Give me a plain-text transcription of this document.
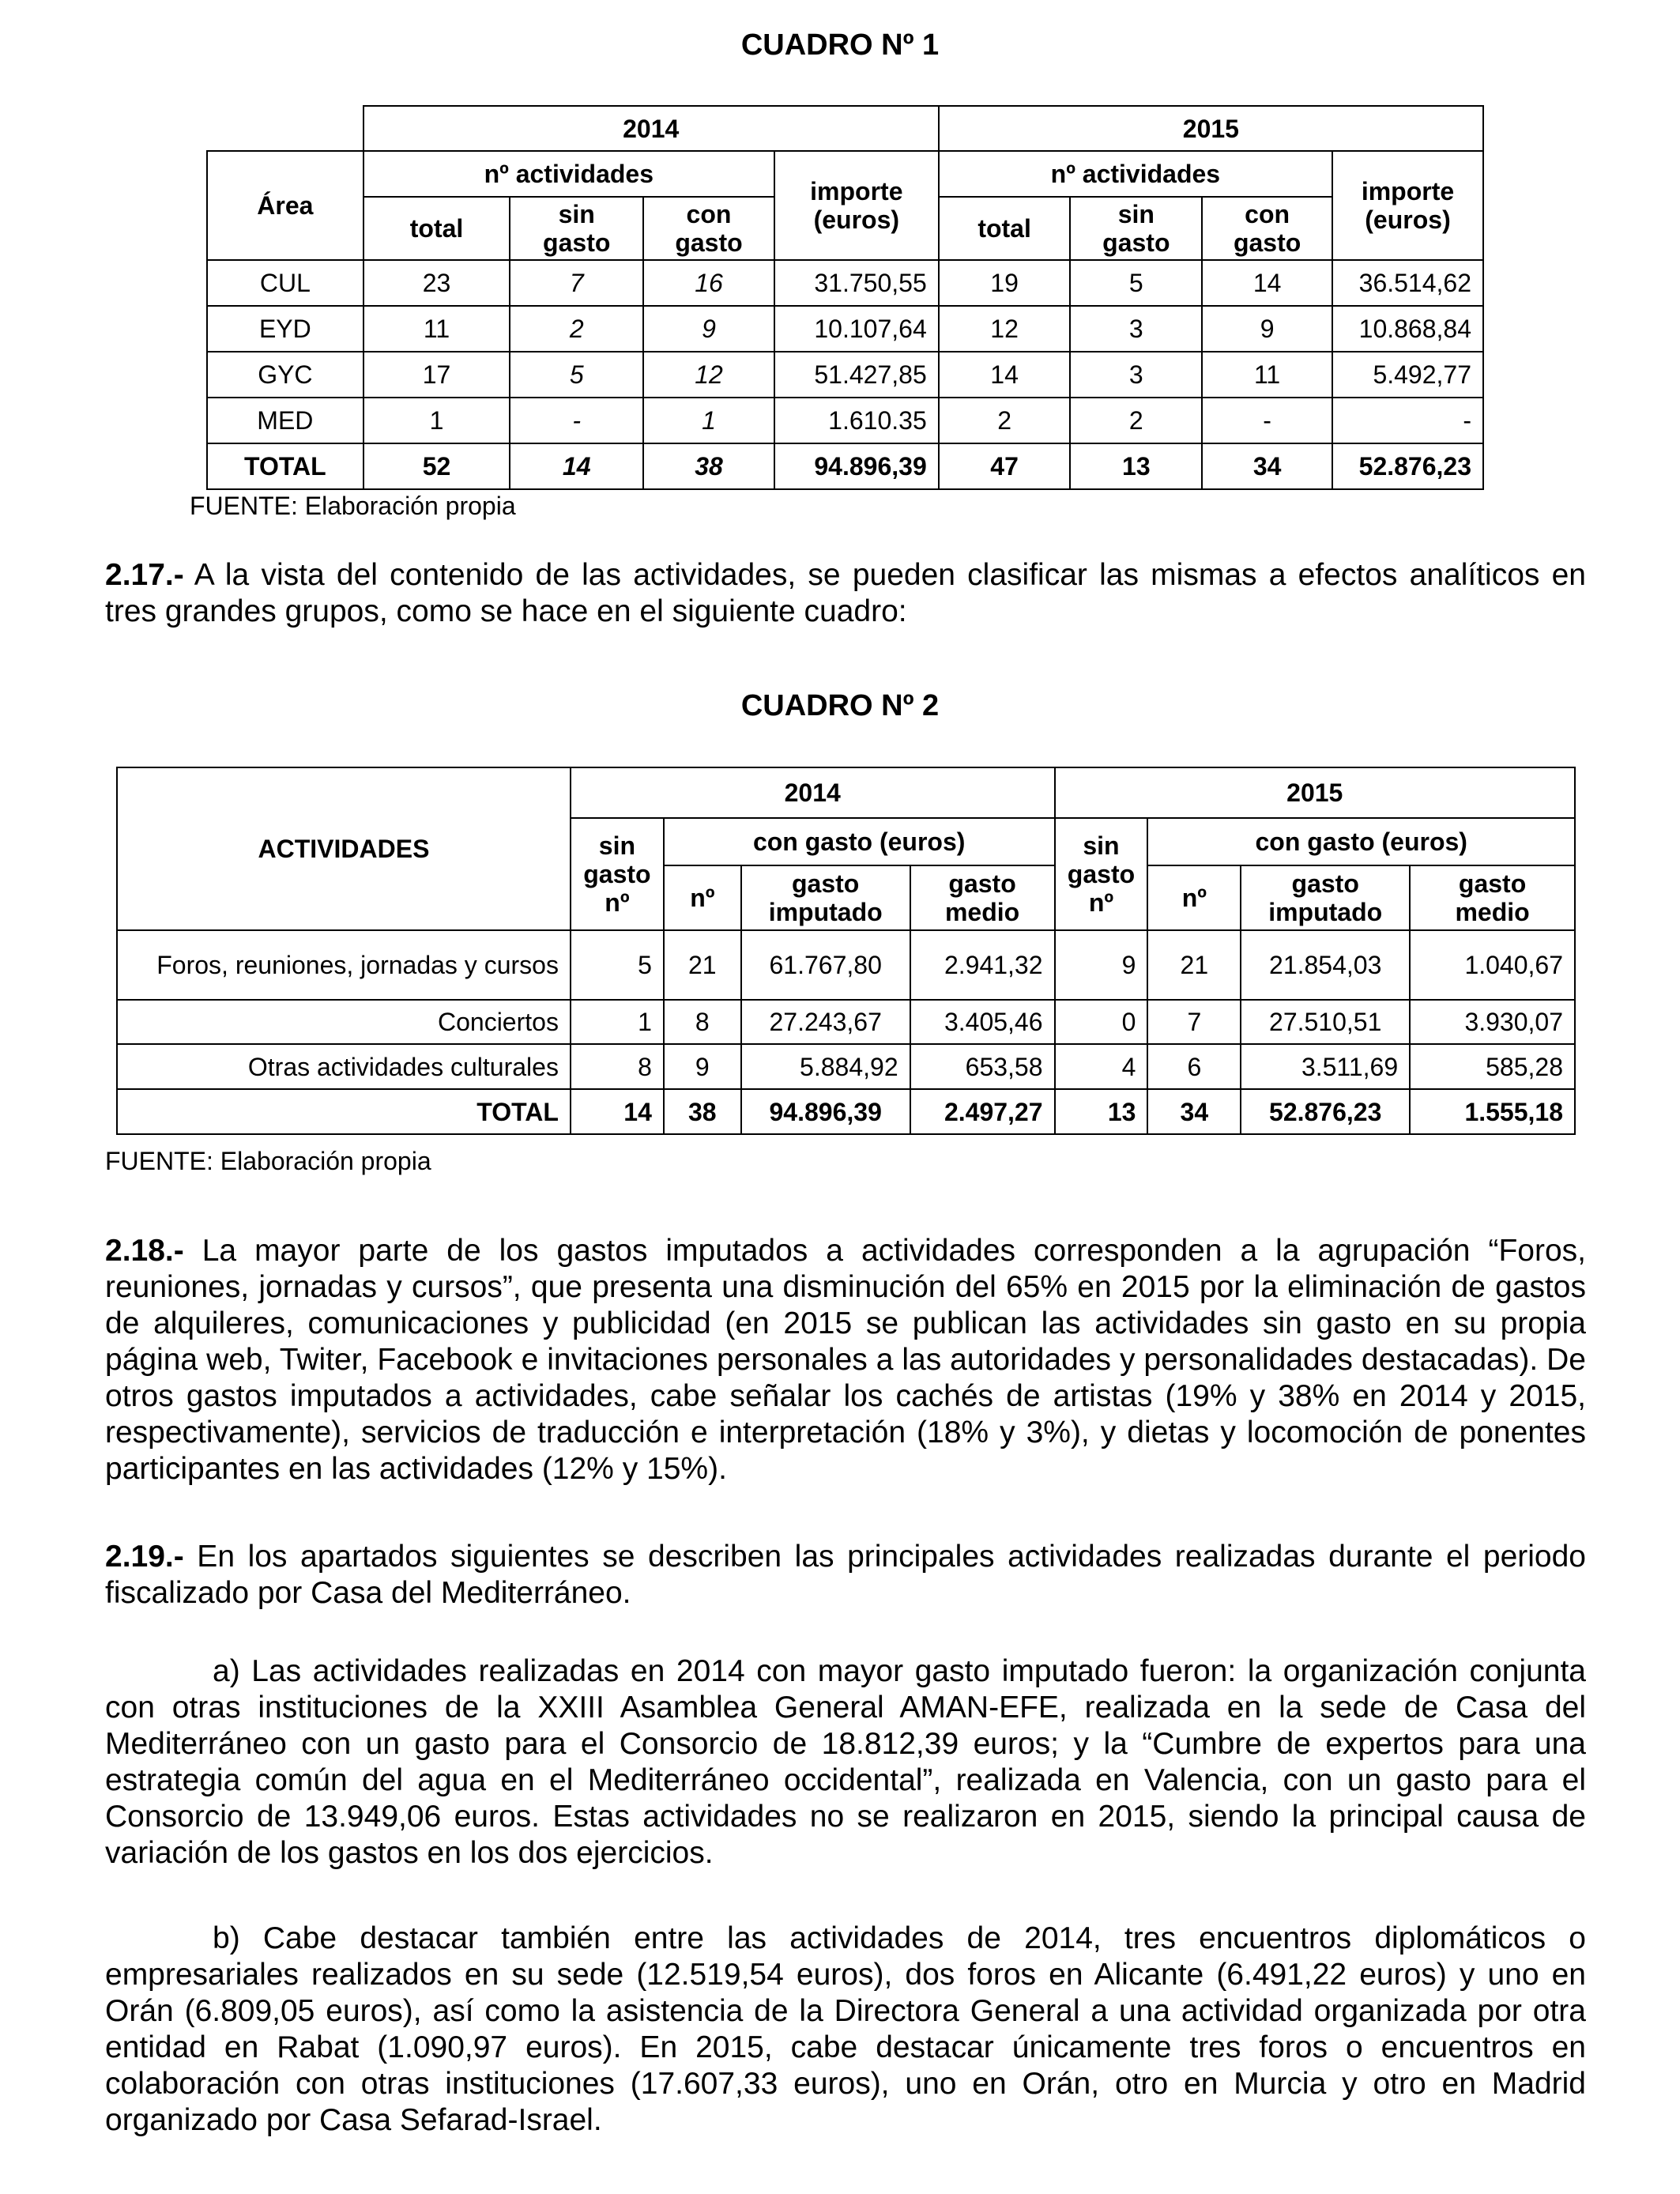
CUADRO Nº 1
	2014				2015			
Área	nº actividades			importe (euros)	nº actividades			importe (euros)
	total	sin gasto	con gasto		total	sin gasto	con gasto	
CUL	23	7	16	31.750,55	19	5	14	36.514,62
EYD	11	2	9	10.107,64	12	3	9	10.868,84
GYC	17	5	12	51.427,85	14	3	11	5.492,77
MED	1	-	1	1.610.35	2	2	-	-
TOTAL	52	14	38	94.896,39	47	13	34	52.876,23
FUENTE: Elaboración propia
2.17.- A la vista del contenido de las actividades, se pueden clasificar las mismas a efectos analíticos en tres grandes grupos, como se hace en el siguiente cuadro:
CUADRO Nº 2
ACTIVIDADES	2014				2015			
	sin gasto nº	con gasto (euros)			sin gasto nº	con gasto (euros)		
		nº	gasto imputado	gasto medio		nº	gasto imputado	gasto medio
Foros, reuniones, jornadas y cursos	5	21	61.767,80	2.941,32	9	21	21.854,03	1.040,67
Conciertos	1	8	27.243,67	3.405,46	0	7	27.510,51	3.930,07
Otras actividades culturales	8	9	5.884,92	653,58	4	6	3.511,69	585,28
TOTAL	14	38	94.896,39	2.497,27	13	34	52.876,23	1.555,18
FUENTE: Elaboración propia
2.18.- La mayor parte de los gastos imputados a actividades corresponden a la agrupación “Foros, reuniones, jornadas y cursos”, que presenta una disminución del 65% en 2015 por la eliminación de gastos de alquileres, comunicaciones y publicidad (en 2015 se publican las actividades sin gasto en su propia página web, Twiter, Facebook e invitaciones personales a las autoridades y personalidades destacadas). De otros gastos imputados a actividades, cabe señalar los cachés de artistas (19% y 38% en 2014 y 2015, respectivamente), servicios de traducción e interpretación (18% y 3%), y dietas y locomoción de ponentes participantes en las actividades (12% y 15%).
2.19.- En los apartados siguientes se describen las principales actividades realizadas durante el periodo fiscalizado por Casa del Mediterráneo.
a) Las actividades realizadas en 2014 con mayor gasto imputado fueron: la organización conjunta con otras instituciones de la XXIII Asamblea General AMAN-EFE, realizada en la sede de Casa del Mediterráneo con un gasto para el Consorcio de 18.812,39 euros; y la “Cumbre de expertos para una estrategia común del agua en el Mediterráneo occidental”, realizada en Valencia, con un gasto para el Consorcio de 13.949,06 euros. Estas actividades no se realizaron en 2015, siendo la principal causa de variación de los gastos en los dos ejercicios.
b) Cabe destacar también entre las actividades de 2014, tres encuentros diplomáticos o empresariales realizados en su sede (12.519,54 euros), dos foros en Alicante (6.491,22 euros) y uno en Orán (6.809,05 euros), así como la asistencia de la Directora General a una actividad organizada por otra entidad en Rabat (1.090,97 euros). En 2015, cabe destacar únicamente tres foros o encuentros en colaboración con otras instituciones (17.607,33 euros), uno en Orán, otro en Murcia y otro en Madrid organizado por Casa Sefarad-Israel.
